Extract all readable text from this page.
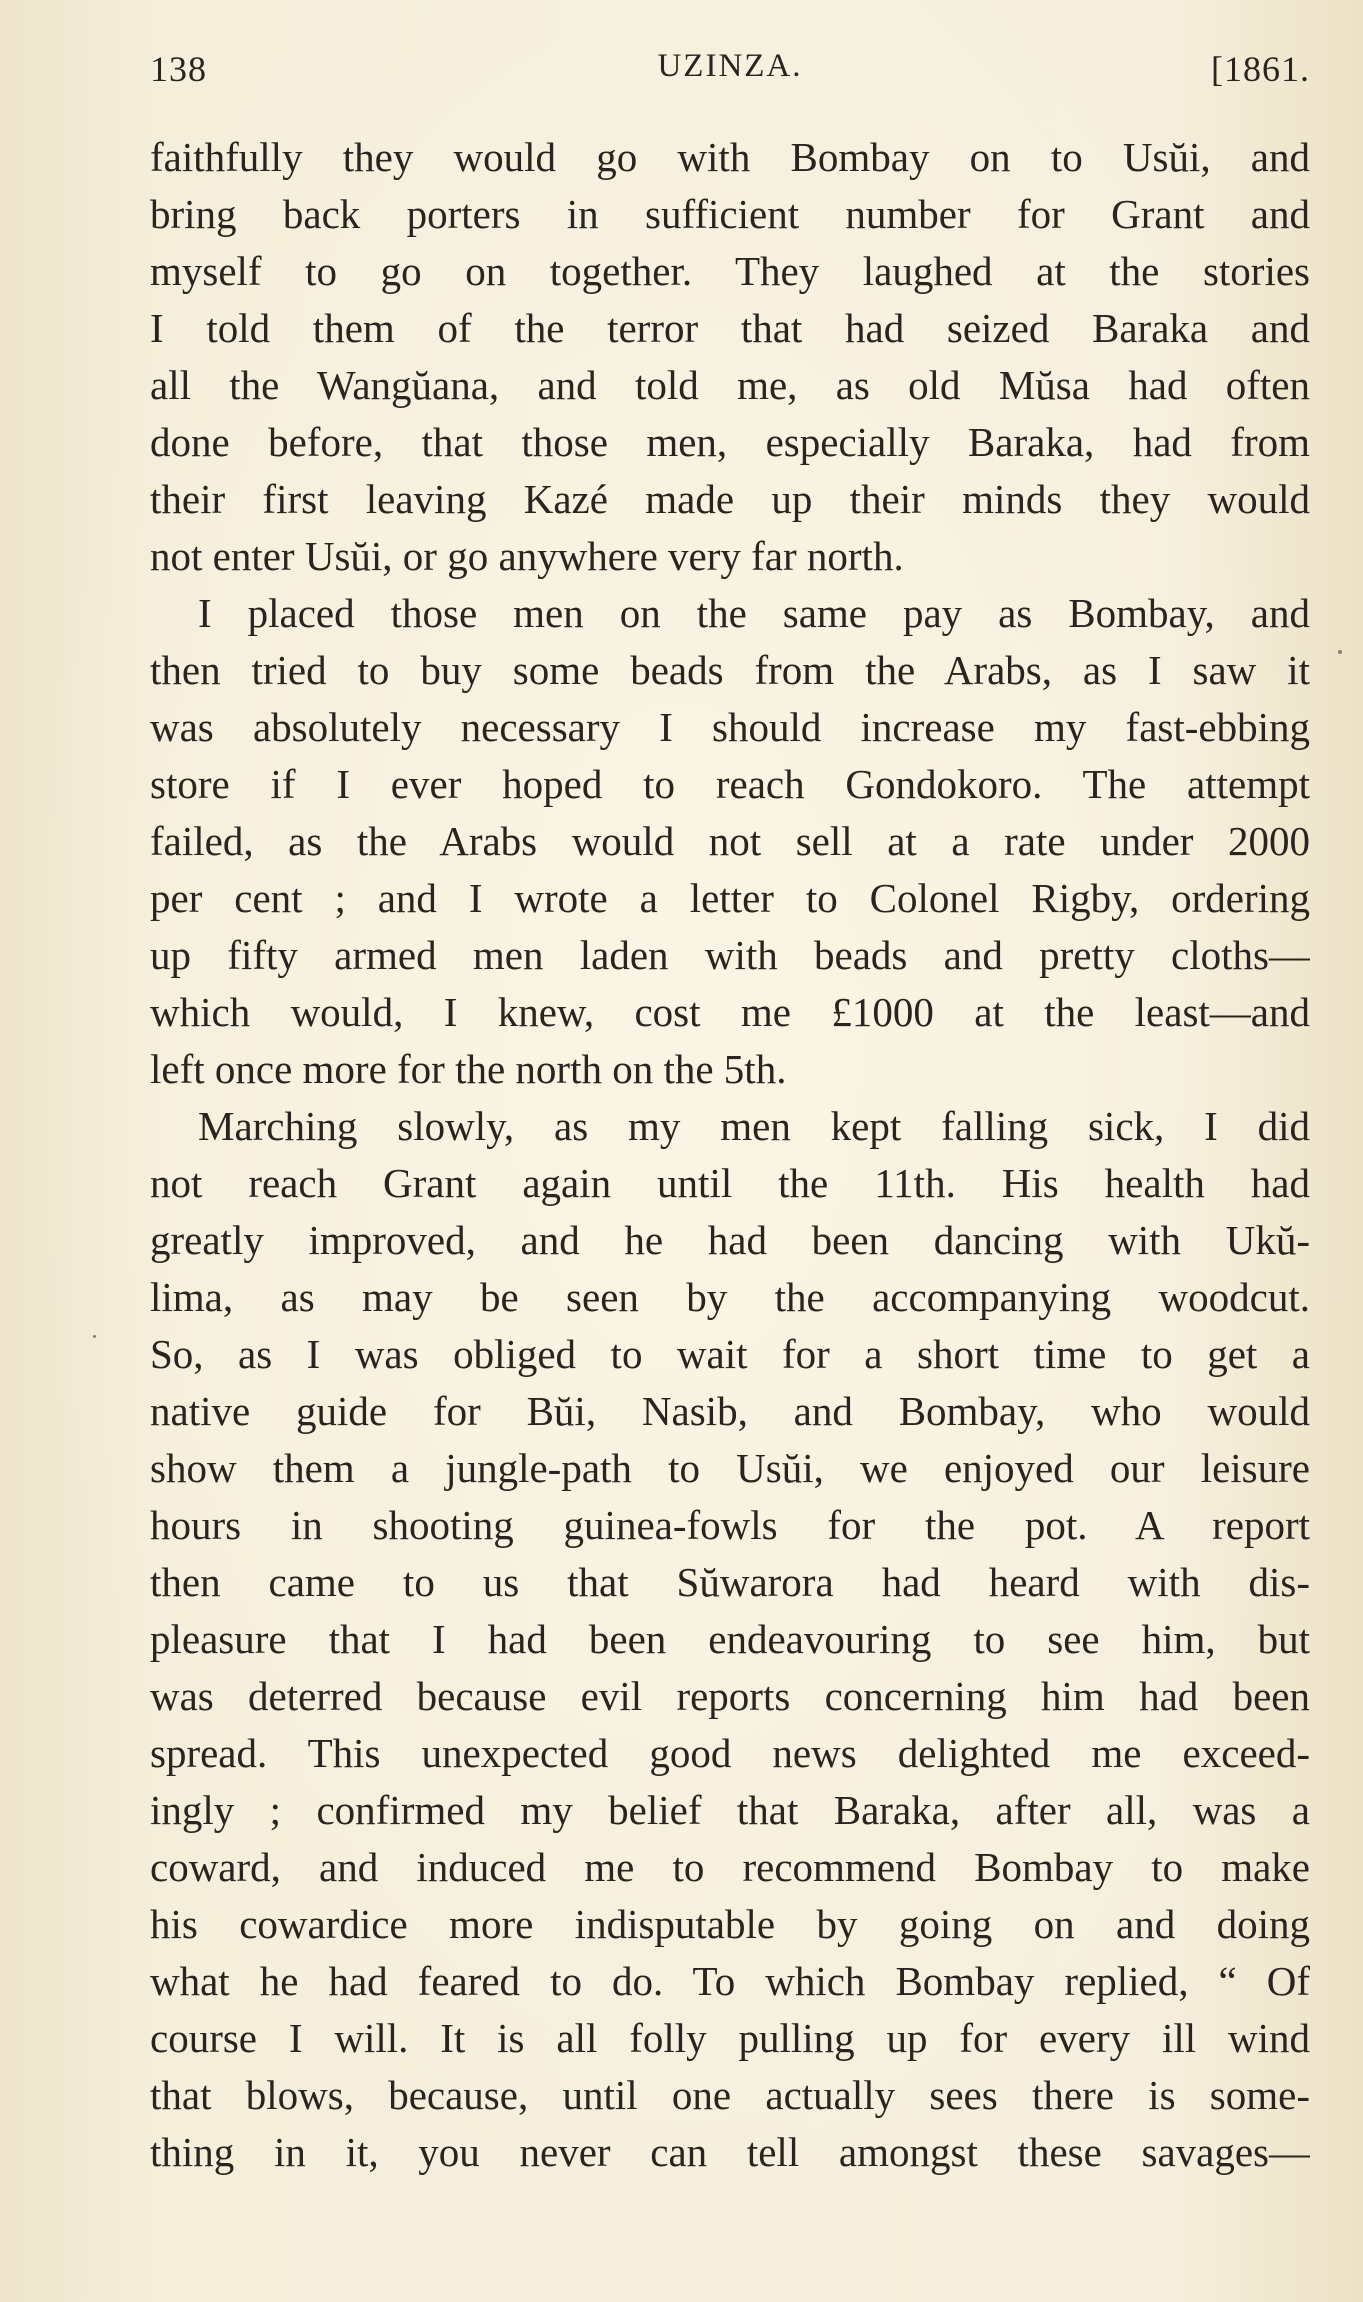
138	UZINZA.	[1861.
faithfully they would go with Bombay on to Usŭi, and
bring back porters in sufficient number for Grant and
myself to go on together. They laughed at the stories
I told them of the terror that had seized Baraka and
all the Wangŭana, and told me, as old Mŭsa had often
done before, that those men, especially Baraka, had from
their first leaving Kazé made up their minds they would
not enter Usŭi, or go anywhere very far north.
I placed those men on the same pay as Bombay, and
then tried to buy some beads from the Arabs, as I saw it
was absolutely necessary I should increase my fast-ebbing
store if I ever hoped to reach Gondokoro. The attempt
failed, as the Arabs would not sell at a rate under 2000
per cent ; and I wrote a letter to Colonel Rigby, ordering
up fifty armed men laden with beads and pretty cloths—
which would, I knew, cost me £1000 at the least—and
left once more for the north on the 5th.
Marching slowly, as my men kept falling sick, I did
not reach Grant again until the 11th. His health had
greatly improved, and he had been dancing with Ukŭ-
lima, as may be seen by the accompanying woodcut.
So, as I was obliged to wait for a short time to get a
native guide for Bŭi, Nasib, and Bombay, who would
show them a jungle-path to Usŭi, we enjoyed our leisure
hours in shooting guinea-fowls for the pot. A report
then came to us that Sŭwarora had heard with dis-
pleasure that I had been endeavouring to see him, but
was deterred because evil reports concerning him had been
spread. This unexpected good news delighted me exceed-
ingly ; confirmed my belief that Baraka, after all, was a
coward, and induced me to recommend Bombay to make
his cowardice more indisputable by going on and doing
what he had feared to do. To which Bombay replied, “ Of
course I will. It is all folly pulling up for every ill wind
that blows, because, until one actually sees there is some-
thing in it, you never can tell amongst these savages—
